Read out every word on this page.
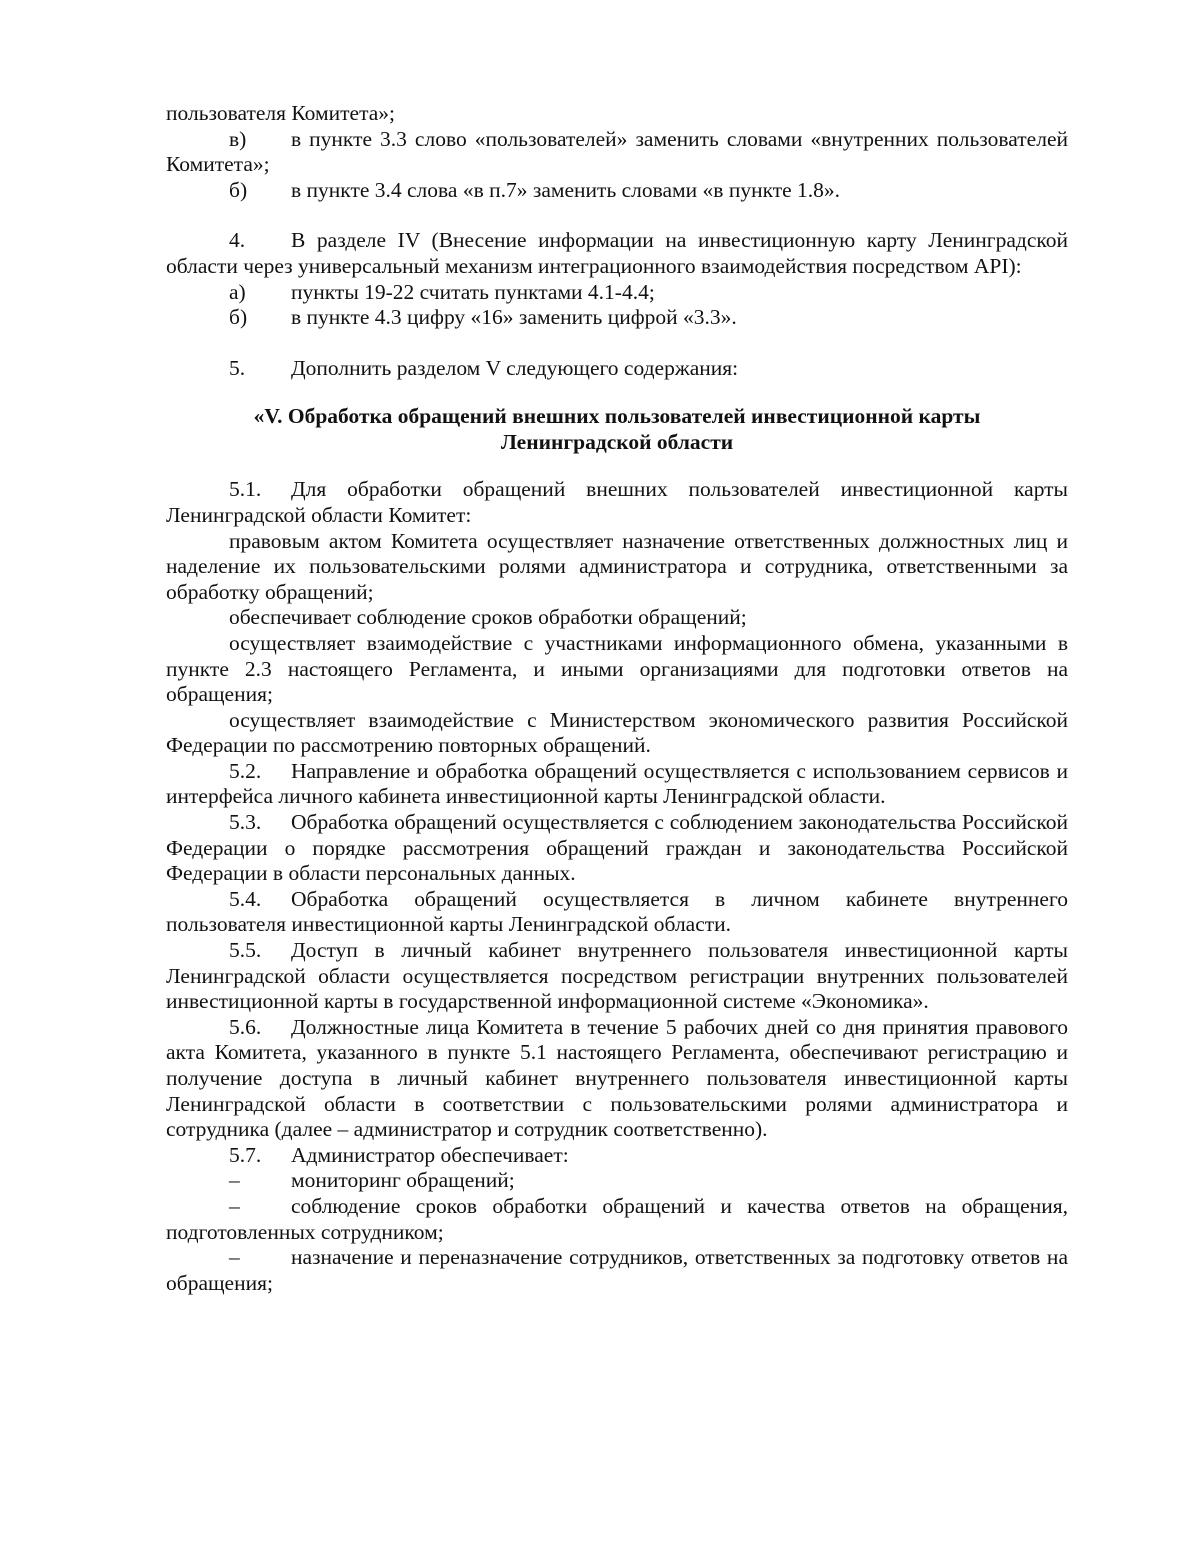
пользователя Комитета»;

в) в пункте 3.3 слово «пользователей» заменить словами «внутренних пользователей Комитета»;

б) в пункте 3.4 слова «в п.7» заменить словами «в пункте 1.8».

4. В разделе IV (Внесение информации на инвестиционную карту Ленинградской области через универсальный механизм интеграционного взаимодействия посредством API):

а) пункты 19-22 считать пунктами 4.1-4.4;

б) в пункте 4.3 цифру «16» заменить цифрой «3.3».

5. Дополнить разделом V следующего содержания:

«V. Обработка обращений внешних пользователей инвестиционной карты

Ленинградской области

5.1. Для обработки обращений внешних пользователей инвестиционной карты Ленинградской области Комитет:

правовым актом Комитета осуществляет назначение ответственных должностных лиц и наделение их пользовательскими ролями администратора и сотрудника, ответственными за обработку обращений;

обеспечивает соблюдение сроков обработки обращений;

осуществляет взаимодействие с участниками информационного обмена, указанными в пункте 2.3 настоящего Регламента, и иными организациями для подготовки ответов на обращения;

осуществляет взаимодействие с Министерством экономического развития Российской Федерации по рассмотрению повторных обращений.

5.2. Направление и обработка обращений осуществляется с использованием сервисов и интерфейса личного кабинета инвестиционной карты Ленинградской области.

5.3. Обработка обращений осуществляется с соблюдением законодательства Российской Федерации о порядке рассмотрения обращений граждан и законодательства Российской Федерации в области персональных данных.

5.4. Обработка обращений осуществляется в личном кабинете внутреннего пользователя инвестиционной карты Ленинградской области.

5.5. Доступ в личный кабинет внутреннего пользователя инвестиционной карты Ленинградской области осуществляется посредством регистрации внутренних пользователей инвестиционной карты в государственной информационной системе «Экономика».

5.6. Должностные лица Комитета в течение 5 рабочих дней со дня принятия правового акта Комитета, указанного в пункте 5.1 настоящего Регламента, обеспечивают регистрацию и получение доступа в личный кабинет внутреннего пользователя инвестиционной карты Ленинградской области в соответствии с пользовательскими ролями администратора и сотрудника (далее – администратор и сотрудник соответственно).

5.7. Администратор обеспечивает:

– мониторинг обращений;

– соблюдение сроков обработки обращений и качества ответов на обращения, подготовленных сотрудником;

– назначение и переназначение сотрудников, ответственных за подготовку ответов на обращения;
